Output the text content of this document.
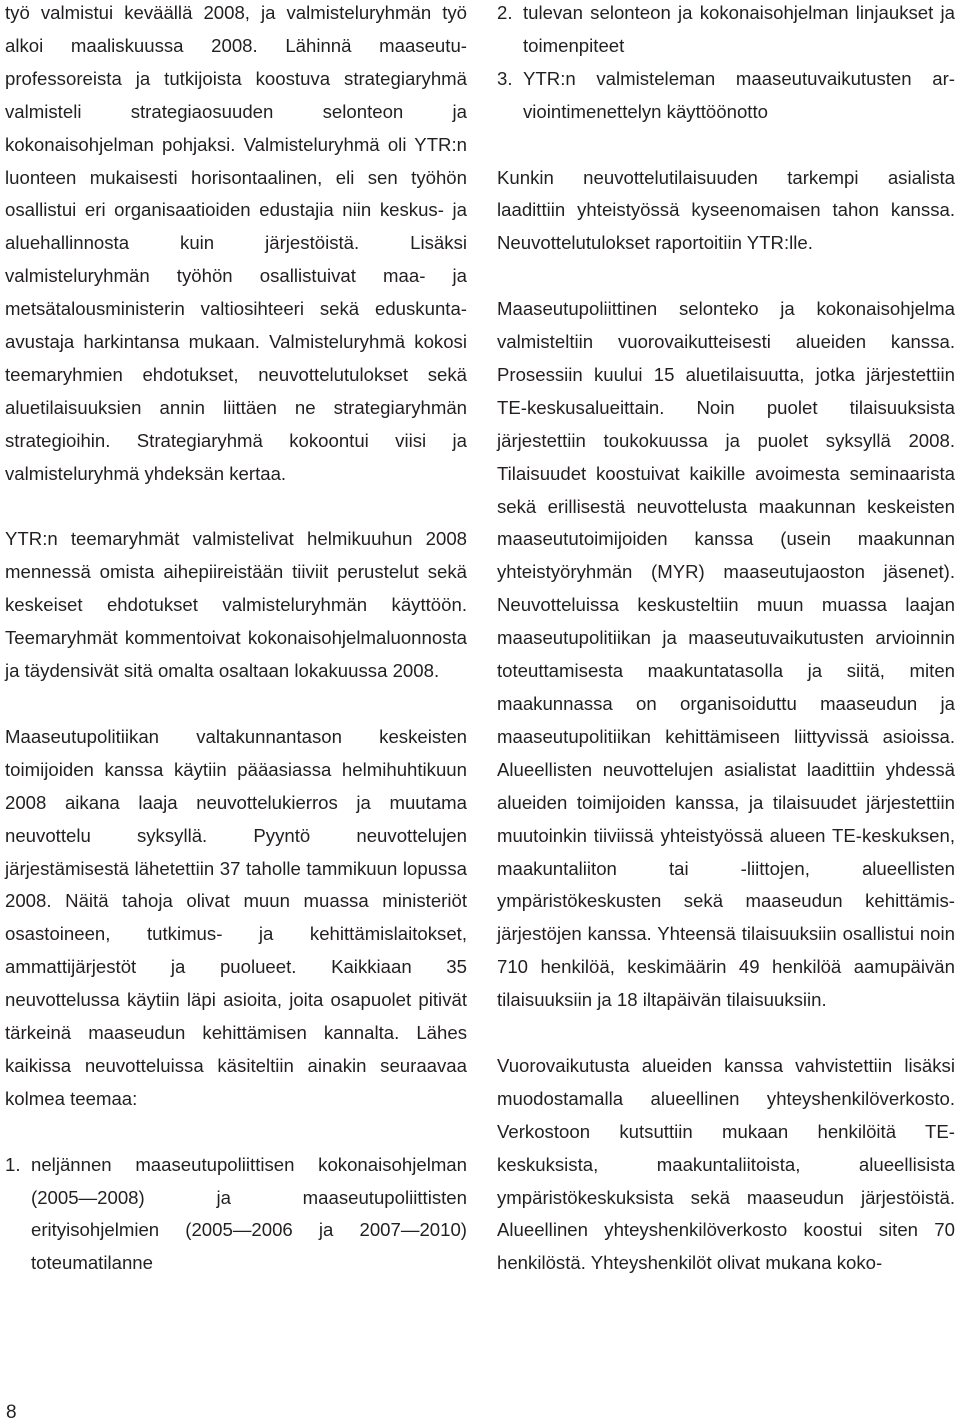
työ valmistui keväällä 2008, ja valmisteluryhmän työ alkoi maaliskuussa 2008. Lähinnä maaseutuprofessoreista ja tutkijoista koostuva strategiaryhmä valmisteli strategiaosuuden selonteon ja kokonaisohjelman pohjaksi. Valmisteluryhmä oli YTR:n luonteen mukaisesti horisontaalinen, eli sen työhön osallistui eri organisaatioiden edustajia niin keskus- ja aluehallinnosta kuin järjestöistä. Lisäksi valmisteluryhmän työhön osallistuivat maa- ja metsätalousministerin valtiosihteeri sekä eduskunta-avustaja harkintansa mukaan. Valmisteluryhmä kokosi teemaryhmien ehdotukset, neuvottelutulokset sekä aluetilaisuuksien annin liittäen ne strategiaryhmän strategioihin. Strategiaryhmä kokoontui viisi ja valmisteluryhmä yhdeksän kertaa.

YTR:n teemaryhmät valmistelivat helmikuuhun 2008 mennessä omista aihepiireistään tiiviit perustelut sekä keskeiset ehdotukset valmisteluryhmän käyttöön. Teemaryhmät kommentoivat kokonaisohjelmaluonnosta ja täydensivät sitä omalta osaltaan lokakuussa 2008.

Maaseutupolitiikan valtakunnantason keskeisten toimijoiden kanssa käytiin pääasiassa helmihuhtikuun 2008 aikana laaja neuvottelukierros ja muutama neuvottelu syksyllä. Pyyntö neuvottelujen järjestämisestä lähetettiin 37 taholle tammikuun lopussa 2008. Näitä tahoja olivat muun muassa ministeriöt osastoineen, tutkimus- ja kehittämislaitokset, ammattijärjestöt ja puolueet. Kaikkiaan 35 neuvottelussa käytiin läpi asioita, joita osapuolet pitivät tärkeinä maaseudun kehittämisen kannalta. Lähes kaikissa neuvotteluissa käsiteltiin ainakin seuraavaa kolmea teemaa:

1. neljännen maaseutupoliittisen kokonaisohjelman (2005—2008) ja maaseutupoliittisten erityisohjelmien (2005—2006 ja 2007—2010) toteumatilanne
2. tulevan selonteon ja kokonaisohjelman linjaukset ja toimenpiteet
3. YTR:n valmisteleman maaseutuvaikutusten arviointimenettelyn käyttöönotto

Kunkin neuvottelutilaisuuden tarkempi asialista laadittiin yhteistyössä kyseenomaisen tahon kanssa. Neuvottelutulokset raportoitiin YTR:lle.

Maaseutupoliittinen selonteko ja kokonaisohjelma valmisteltiin vuorovaikutteisesti alueiden kanssa. Prosessiin kuului 15 aluetilaisuutta, jotka järjestettiin TE-keskusalueittain. Noin puolet tilaisuuksista järjestettiin toukokuussa ja puolet syksyllä 2008. Tilaisuudet koostuivat kaikille avoimesta seminaarista sekä erillisestä neuvottelusta maakunnan keskeisten maaseututoimijoiden kanssa (usein maakunnan yhteistyöryhmän (MYR) maaseutujaoston jäsenet). Neuvotteluissa keskusteltiin muun muassa laajan maaseutupolitiikan ja maaseutuvaikutusten arvioinnin toteuttamisesta maakuntatasolla ja siitä, miten maakunnassa on organisoiduttu maaseudun ja maaseutupolitiikan kehittämiseen liittyvissä asioissa. Alueellisten neuvottelujen asialistat laadittiin yhdessä alueiden toimijoiden kanssa, ja tilaisuudet järjestettiin muutoinkin tiiviissä yhteistyössä alueen TE-keskuksen, maakuntaliiton tai -liittojen, alueellisten ympäristökeskusten sekä maaseudun kehittämisjärjestöjen kanssa. Yhteensä tilaisuuksiin osallistui noin 710 henkilöä, keskimäärin 49 henkilöä aamupäivän tilaisuuksiin ja 18 iltapäivän tilaisuuksiin.

Vuorovaikutusta alueiden kanssa vahvistettiin lisäksi muodostamalla alueellinen yhteyshenkilöverkosto. Verkostoon kutsuttiin mukaan henkilöitä TE-keskuksista, maakuntaliitoista, alueellisista ympäristökeskuksista sekä maaseudun järjestöistä. Alueellinen yhteyshenkilöverkosto koostui siten 70 henkilöstä. Yhteyshenkilöt olivat mukana koko-

8
